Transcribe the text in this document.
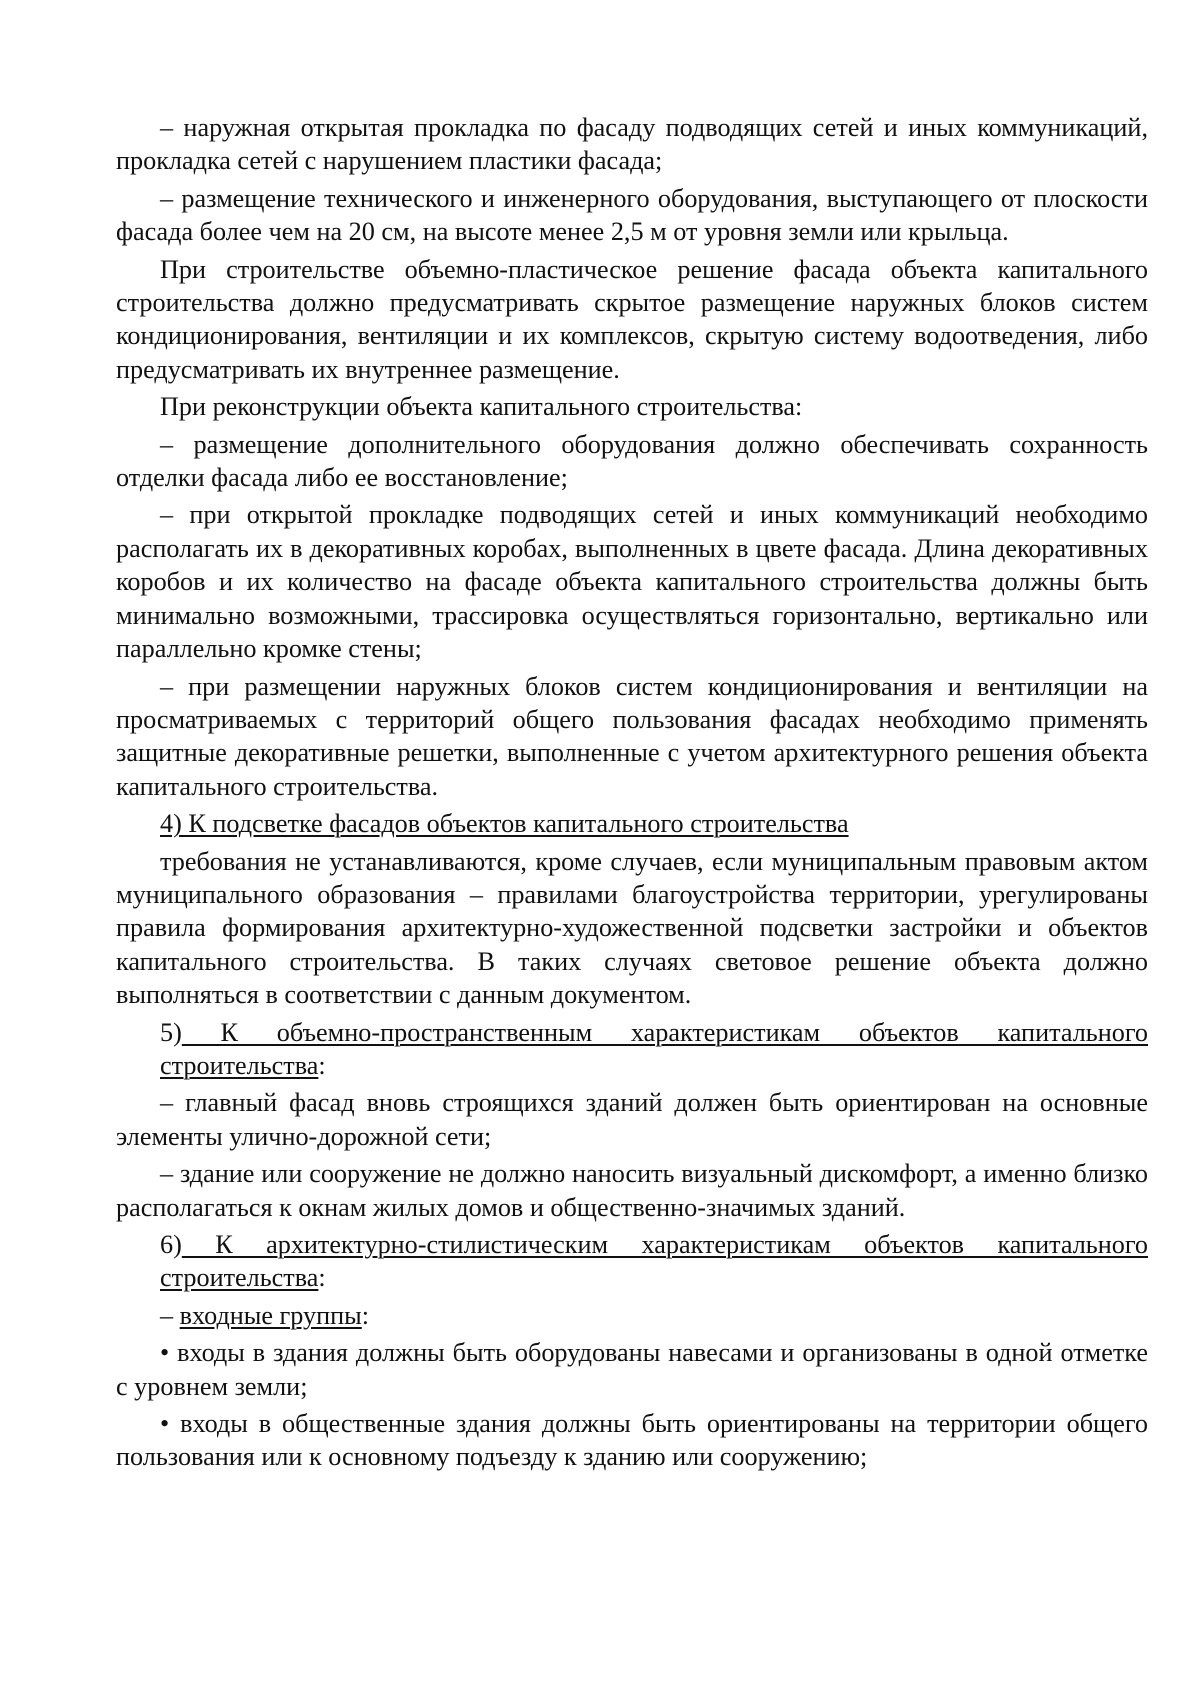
– наружная открытая прокладка по фасаду подводящих сетей и иных коммуникаций, прокладка сетей с нарушением пластики фасада;

– размещение технического и инженерного оборудования, выступающего от плоскости фасада более чем на 20 см, на высоте менее 2,5 м от уровня земли или крыльца.

При строительстве объемно-пластическое решение фасада объекта капитального строительства должно предусматривать скрытое размещение наружных блоков систем кондиционирования, вентиляции и их комплексов, скрытую систему водоотведения, либо предусматривать их внутреннее размещение.

При реконструкции объекта капитального строительства:

– размещение дополнительного оборудования должно обеспечивать сохранность отделки фасада либо ее восстановление;

– при открытой прокладке подводящих сетей и иных коммуникаций необходимо располагать их в декоративных коробах, выполненных в цвете фасада. Длина декоративных коробов и их количество на фасаде объекта капитального строительства должны быть минимально возможными, трассировка осуществляться горизонтально, вертикально или параллельно кромке стены;

– при размещении наружных блоков систем кондиционирования и вентиляции на просматриваемых с территорий общего пользования фасадах необходимо применять защитные декоративные решетки, выполненные с учетом архитектурного решения объекта капитального строительства.

4) К подсветке фасадов объектов капитального строительства

требования не устанавливаются, кроме случаев, если муниципальным правовым актом муниципального образования – правилами благоустройства территории, урегулированы правила формирования архитектурно-художественной подсветки застройки и объектов капитального строительства. В таких случаях световое решение объекта должно выполняться в соответствии с данным документом.

5) К объемно-пространственным характеристикам объектов капитального строительства:

– главный фасад вновь строящихся зданий должен быть ориентирован на основные элементы улично-дорожной сети;

– здание или сооружение не должно наносить визуальный дискомфорт, а именно близко располагаться к окнам жилых домов и общественно-значимых зданий.

6) К архитектурно-стилистическим характеристикам объектов капитального строительства:

– входные группы:

• входы в здания должны быть оборудованы навесами и организованы в одной отметке с уровнем земли;

• входы в общественные здания должны быть ориентированы на территории общего пользования или к основному подъезду к зданию или сооружению;
